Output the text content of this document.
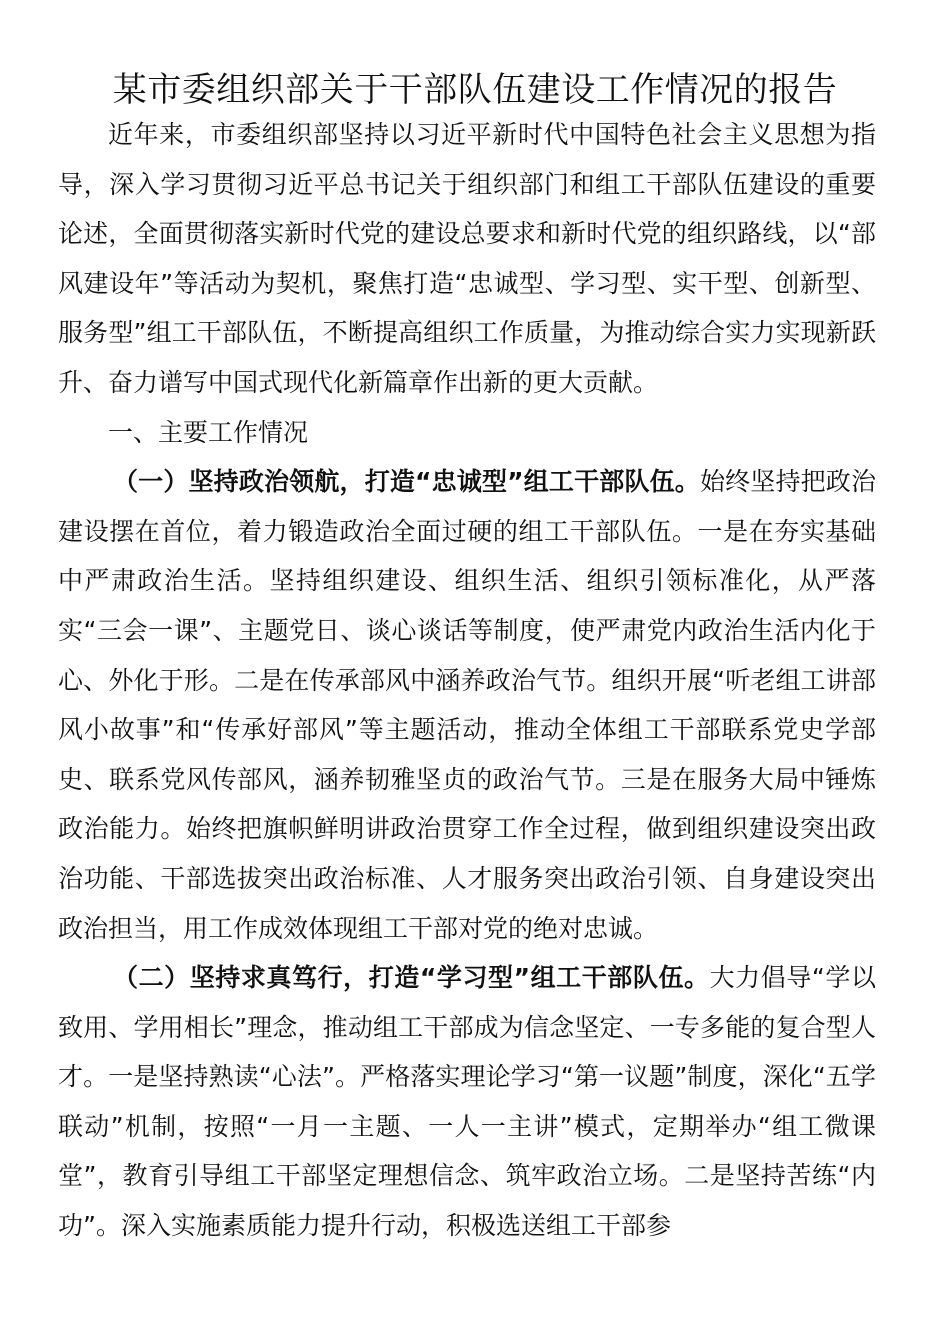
某市委组织部关于干部队伍建设工作情况的报告

近年来，市委组织部坚持以习近平新时代中国特色社会主义思想为指导，深入学习贯彻习近平总书记关于组织部门和组工干部队伍建设的重要论述，全面贯彻落实新时代党的建设总要求和新时代党的组织路线，以“部风建设年”等活动为契机，聚焦打造“忠诚型、学习型、实干型、创新型、服务型”组工干部队伍，不断提高组织工作质量，为推动综合实力实现新跃升、奋力谱写中国式现代化新篇章作出新的更大贡献。

一、主要工作情况

（一）坚持政治领航，打造“忠诚型”组工干部队伍。始终坚持把政治建设摆在首位，着力锻造政治全面过硬的组工干部队伍。一是在夯实基础中严肃政治生活。坚持组织建设、组织生活、组织引领标准化，从严落实“三会一课”、主题党日、谈心谈话等制度，使严肃党内政治生活内化于心、外化于形。二是在传承部风中涵养政治气节。组织开展“听老组工讲部风小故事”和“传承好部风”等主题活动，推动全体组工干部联系党史学部史、联系党风传部风，涵养韧雅坚贞的政治气节。三是在服务大局中锤炼政治能力。始终把旗帜鲜明讲政治贯穿工作全过程，做到组织建设突出政治功能、干部选拔突出政治标准、人才服务突出政治引领、自身建设突出政治担当，用工作成效体现组工干部对党的绝对忠诚。

（二）坚持求真笃行，打造“学习型”组工干部队伍。大力倡导“学以致用、学用相长”理念，推动组工干部成为信念坚定、一专多能的复合型人才。一是坚持熟读“心法”。严格落实理论学习“第一议题”制度，深化“五学联动”机制，按照“一月一主题、一人一主讲”模式，定期举办“组工微课堂”，教育引导组工干部坚定理想信念、筑牢政治立场。二是坚持苦练“内功”。深入实施素质能力提升行动，积极选送组工干部参
